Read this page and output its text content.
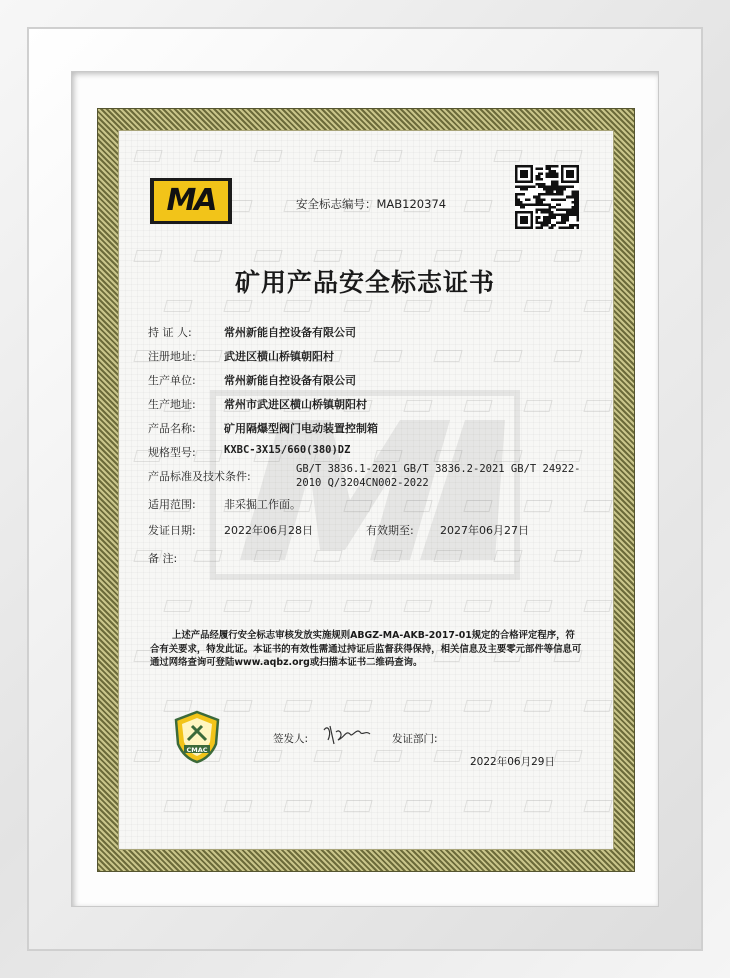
MA	安全标志编号：MAB120374
矿用产品安全标志证书
持 证 人:	常州新能自控设备有限公司
注册地址:	武进区横山桥镇朝阳村
生产单位:	常州新能自控设备有限公司
生产地址:	常州市武进区横山桥镇朝阳村
产品名称:	矿用隔爆型阀门电动装置控制箱
规格型号:	KXBC-3X15/660(380)DZ
产品标准及技术条件:
GB/T 3836.1-2021 GB/T 3836.2-2021 GB/T 24922-2010 Q/3204CN002-2022
适用范围:	非采掘工作面。
发证日期:	2022年06月28日	有效期至: 2027年06月27日
备 注:
上述产品经履行安全标志审核发放实施规则ABGZ-MA-AKB-2017-01规定的合格评定程序，符合有关要求，特发此证。本证书的有效性需通过持证后监督获得保持，相关信息及主要零元部件等信息可通过网络查询可登陆www.aqbz.org或扫描本证书二维码查询。
CMAC
签发人:	发证部门:
2022年06月29日
